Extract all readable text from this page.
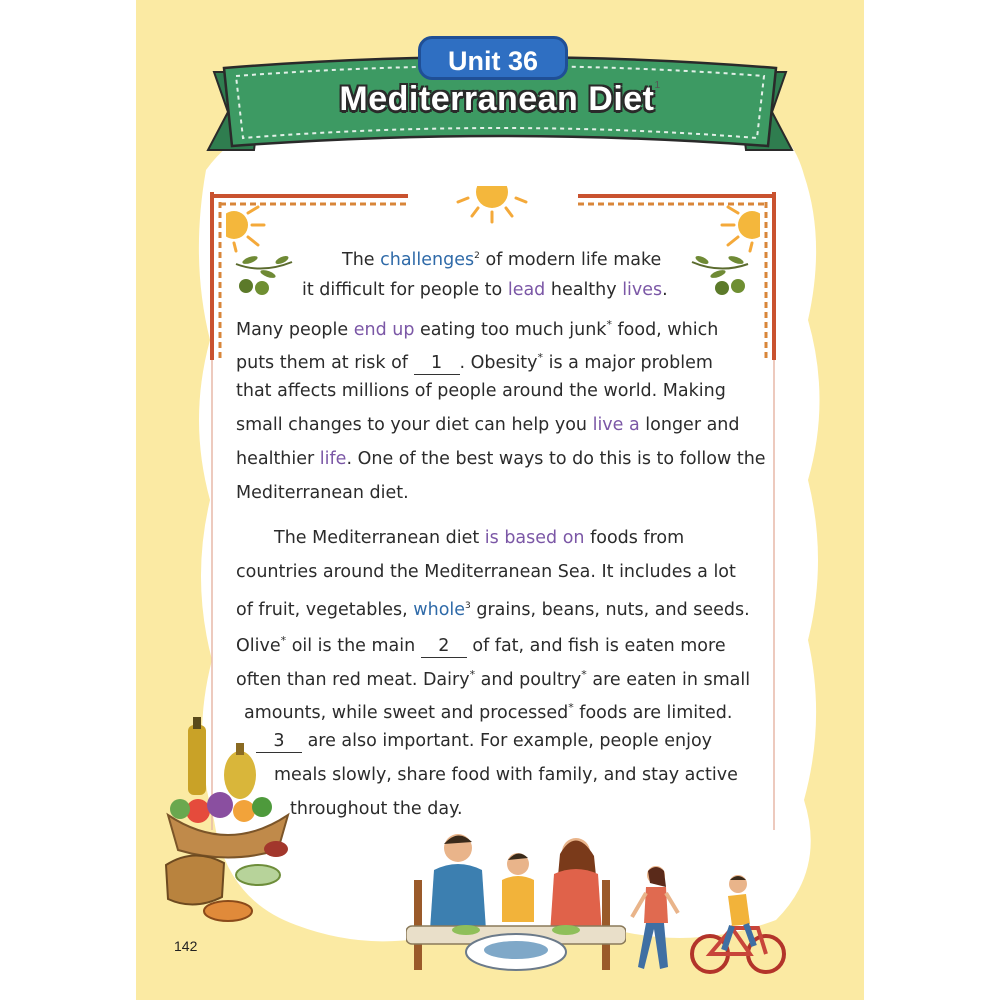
Unit 36
Mediterranean Diet$^1$
The challenges$^2$ of modern life make
it difficult for people to lead healthy lives.
Many people end up eating too much junk* food, which
puts them at risk of 1 . Obesity* is a major problem
that affects millions of people around the world. Making
small changes to your diet can help you live a longer and
healthier life. One of the best ways to do this is to follow the
Mediterranean diet.
The Mediterranean diet is based on foods from
countries around the Mediterranean Sea. It includes a lot
of fruit, vegetables, whole$^3$ grains, beans, nuts, and seeds.
Olive* oil is the main 2 of fat, and fish is eaten more
often than red meat. Dairy* and poultry* are eaten in small
amounts, while sweet and processed* foods are limited.
3 are also important. For example, people enjoy
meals slowly, share food with family, and stay active
throughout the day.
142
